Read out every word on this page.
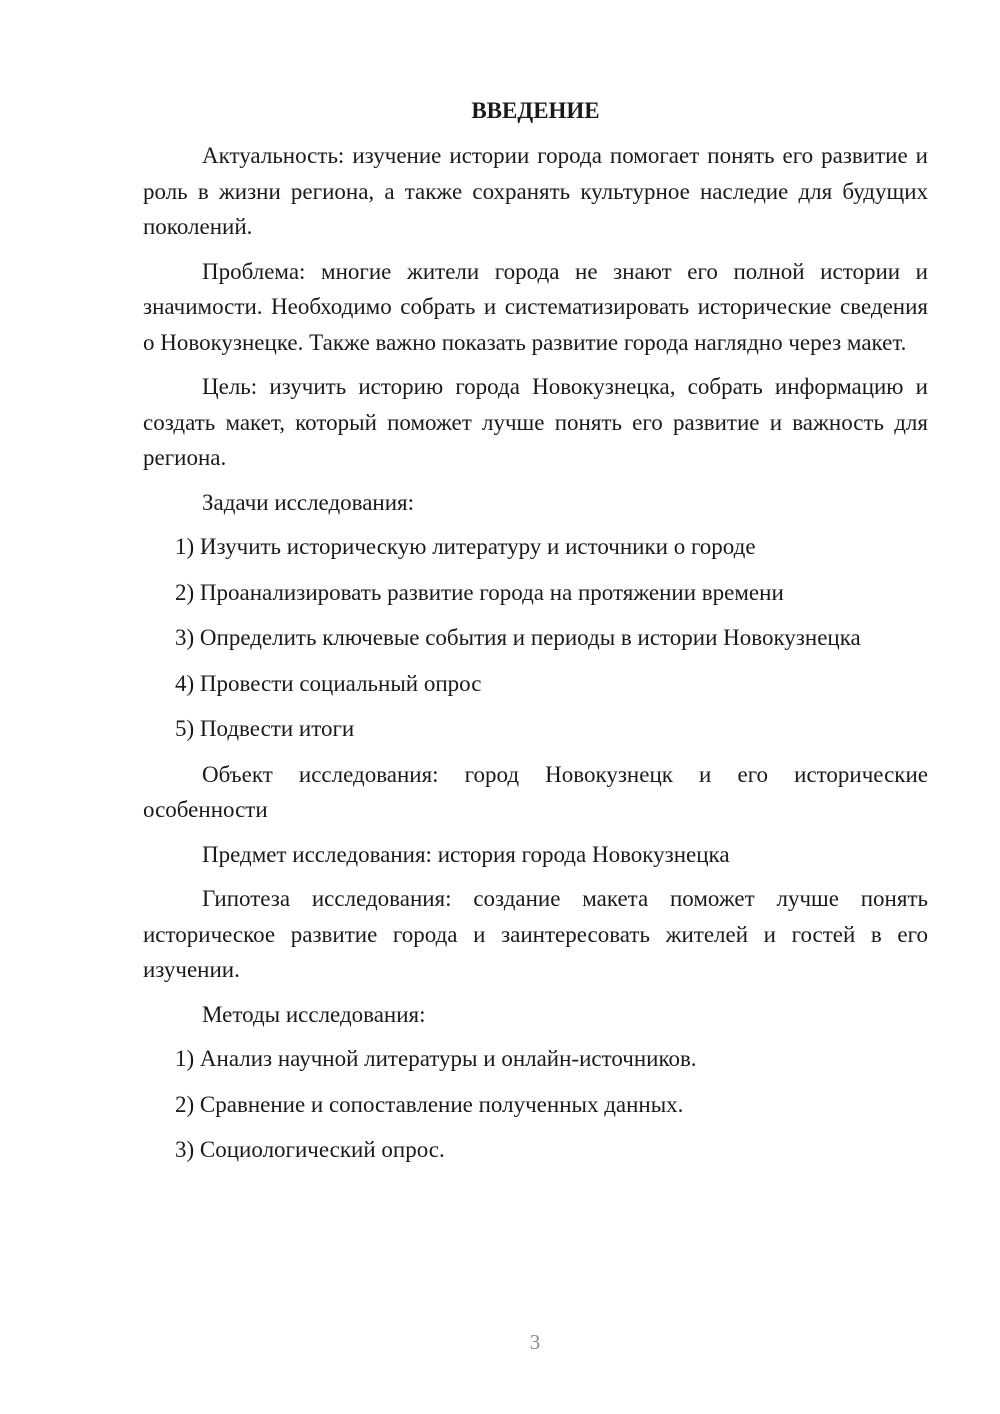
ВВЕДЕНИЕ

Актуальность: изучение истории города помогает понять его развитие и роль в жизни региона, а также сохранять культурное наследие для будущих поколений.

Проблема: многие жители города не знают его полной истории и значимости. Необходимо собрать и систематизировать исторические сведения о Новокузнецке. Также важно показать развитие города наглядно через макет.

Цель: изучить историю города Новокузнецка, собрать информацию и создать макет, который поможет лучше понять его развитие и важность для региона.

Задачи исследования:

1) Изучить историческую литературу и источники о городе
2) Проанализировать развитие города на протяжении времени
3) Определить ключевые события и периоды в истории Новокузнецка
4) Провести социальный опрос
5) Подвести итоги

Объект исследования: город Новокузнецк и его исторические особенности

Предмет исследования: история города Новокузнецка

Гипотеза исследования: создание макета поможет лучше понять историческое развитие города и заинтересовать жителей и гостей в его изучении.

Методы исследования:

1) Анализ научной литературы и онлайн-источников.
2) Сравнение и сопоставление полученных данных.
3) Социологический опрос.
3
